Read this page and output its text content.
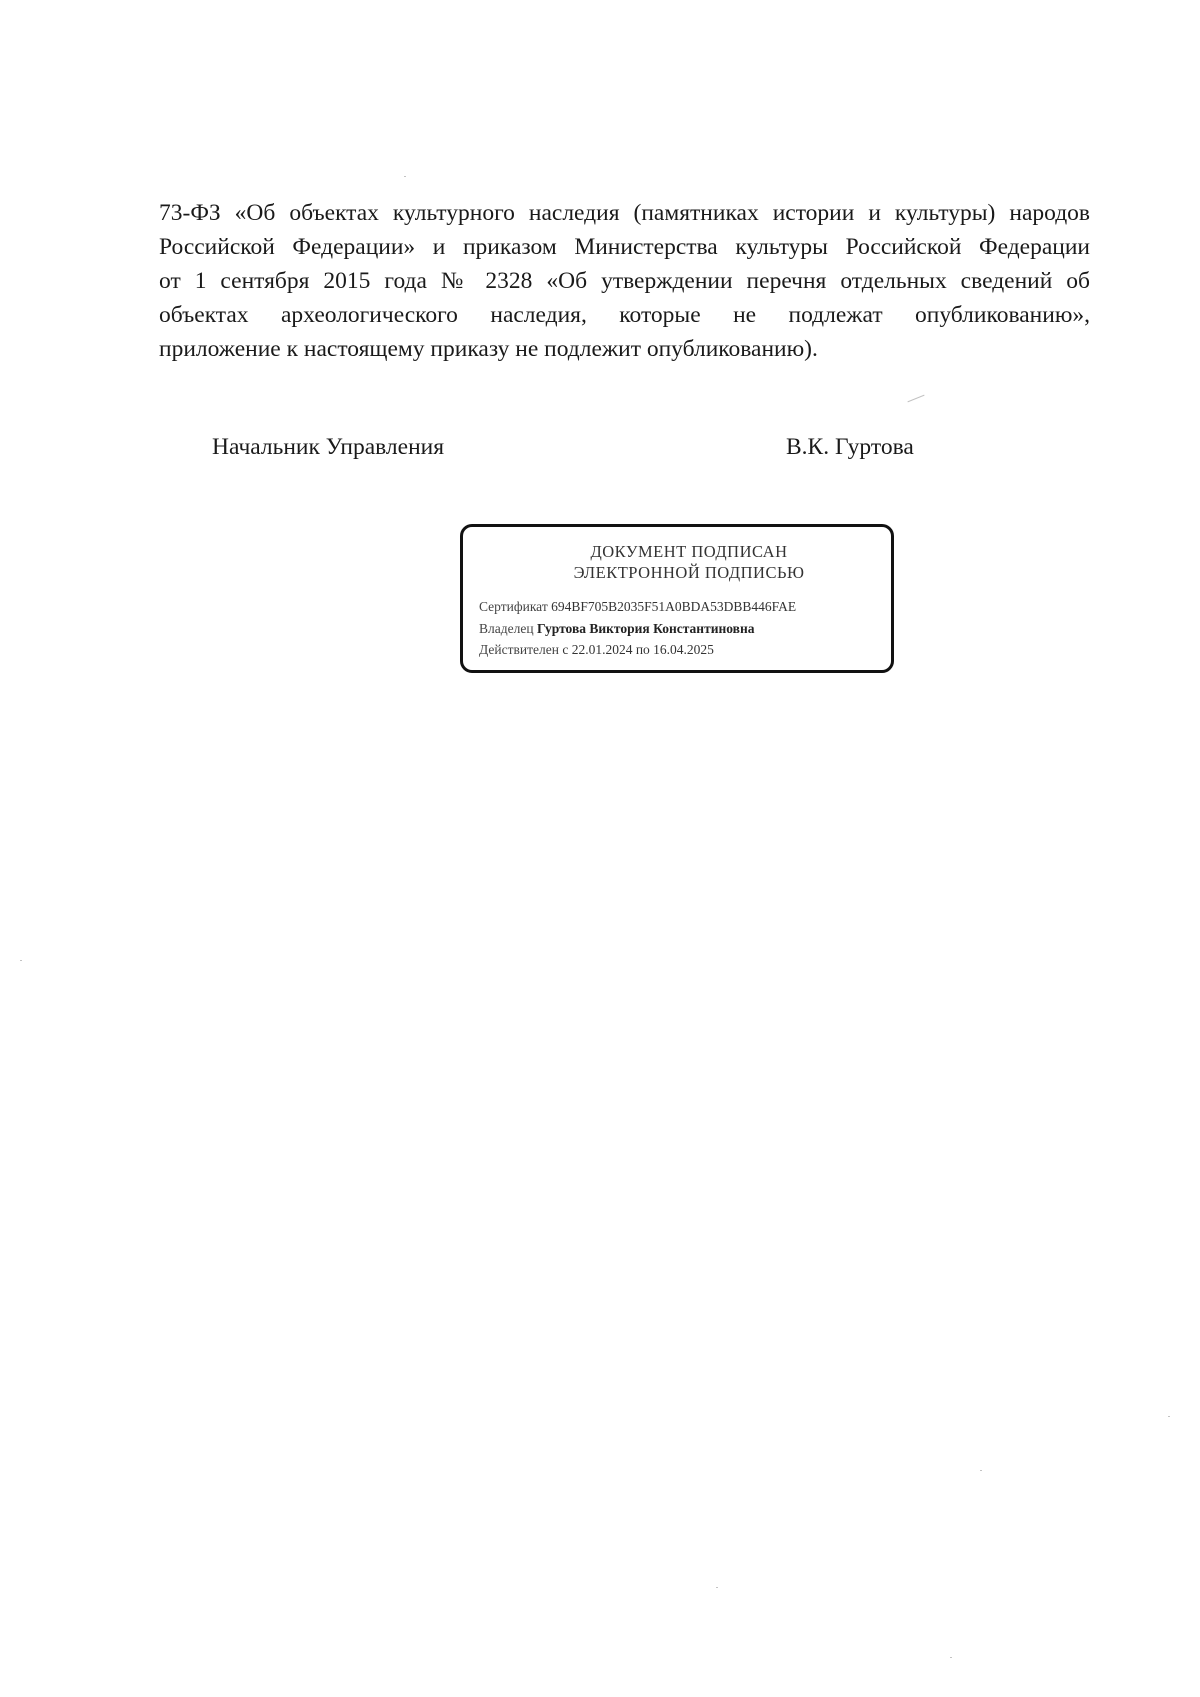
73-ФЗ «Об объектах культурного наследия (памятниках истории и культуры) народов
Российской Федерации» и приказом Министерства культуры Российской Федерации
от 1 сентября 2015 года № 2328 «Об утверждении перечня отдельных сведений об
объектах археологического наследия, которые не подлежат опубликованию»,
приложение к настоящему приказу не подлежит опубликованию).
Начальник Управления	В.К. Гуртова
ДОКУМЕНТ ПОДПИСАН
ЭЛЕКТРОННОЙ ПОДПИСЬЮ
Сертификат 694BF705B2035F51A0BDA53DBB446FAE
Владелец Гуртова Виктория Константиновна
Действителен с 22.01.2024 по 16.04.2025
